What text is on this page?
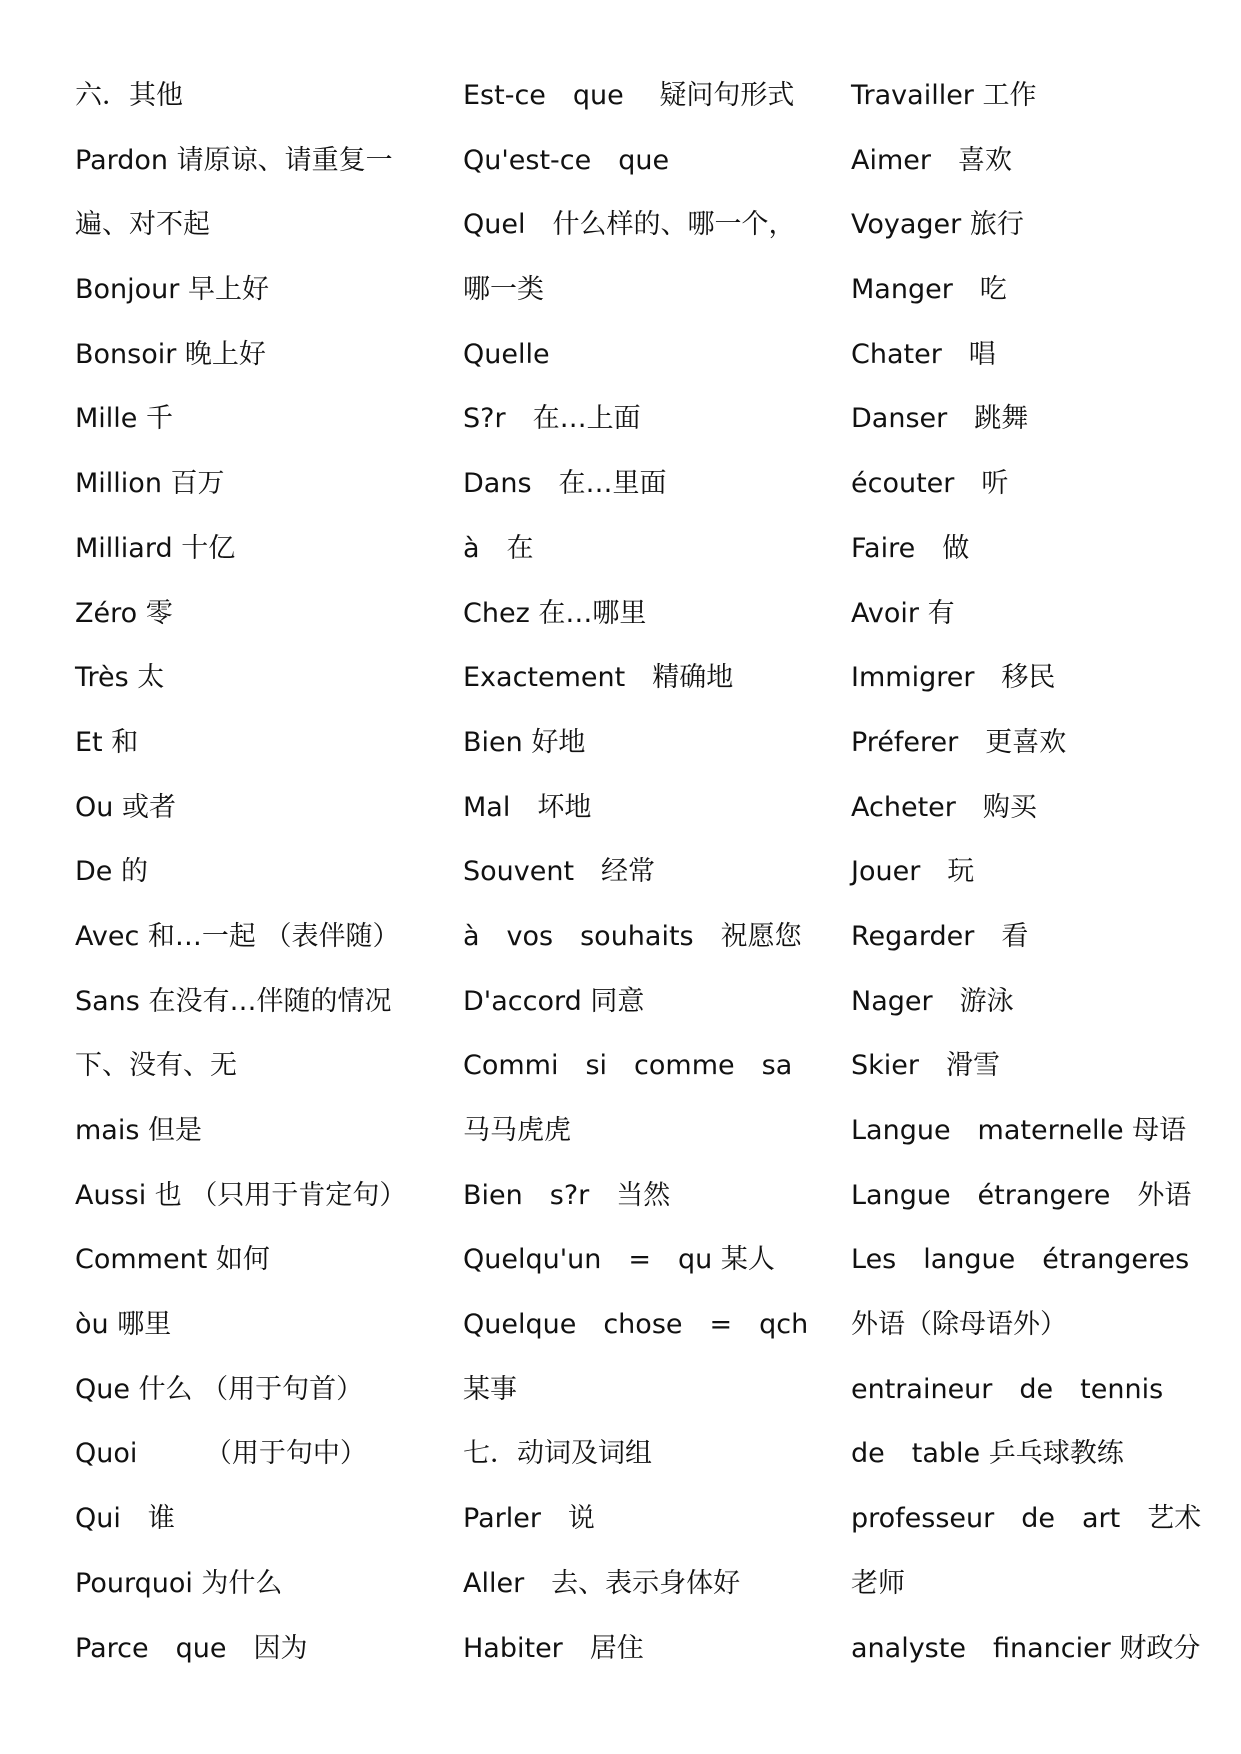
六．其他
Pardon 请原谅、请重复一
遍、对不起
Bonjour 早上好
Bonsoir 晚上好
Mille 千
Million 百万
Milliard 十亿
Zéro 零
Très 太
Et 和
Ou 或者
De 的
Avec 和…一起 （表伴随）
Sans 在没有…伴随的情况
下、没有、无
mais 但是
Aussi 也 （只用于肯定句）
Comment 如何
òu 哪里
Que 什么 （用于句首）
Quoi　　　（用于句中）
Qui　谁
Pourquoi 为什么
Parce　que　因为
Est-ce　que　 疑问句形式
Qu'est-ce　que
Quel　什么样的、哪一个，
哪一类
Quelle
S?r　在…上面
Dans　在…里面
à　在
Chez 在…哪里
Exactement　精确地
Bien 好地
Mal　坏地
Souvent　经常
à　vos　souhaits　祝愿您
D'accord 同意
Commi　si　comme　sa
马马虎虎
Bien　s?r　当然
Quelqu'un　=　qu 某人
Quelque　chose　=　qch
某事
七．动词及词组
Parler　说
Aller　去、表示身体好
Habiter　居住
Travailler 工作
Aimer　喜欢
Voyager 旅行
Manger　吃
Chater　唱
Danser　跳舞
écouter　听
Faire　做
Avoir 有
Immigrer　移民
Préferer　更喜欢
Acheter　购买
Jouer　玩
Regarder　看
Nager　游泳
Skier　滑雪
Langue　maternelle 母语
Langue　étrangere　外语
Les　langue　étrangeres
外语（除母语外）
entraineur　de　tennis
de　table 乒乓球教练
professeur　de　art　艺术
老师
analyste　financier 财政分
